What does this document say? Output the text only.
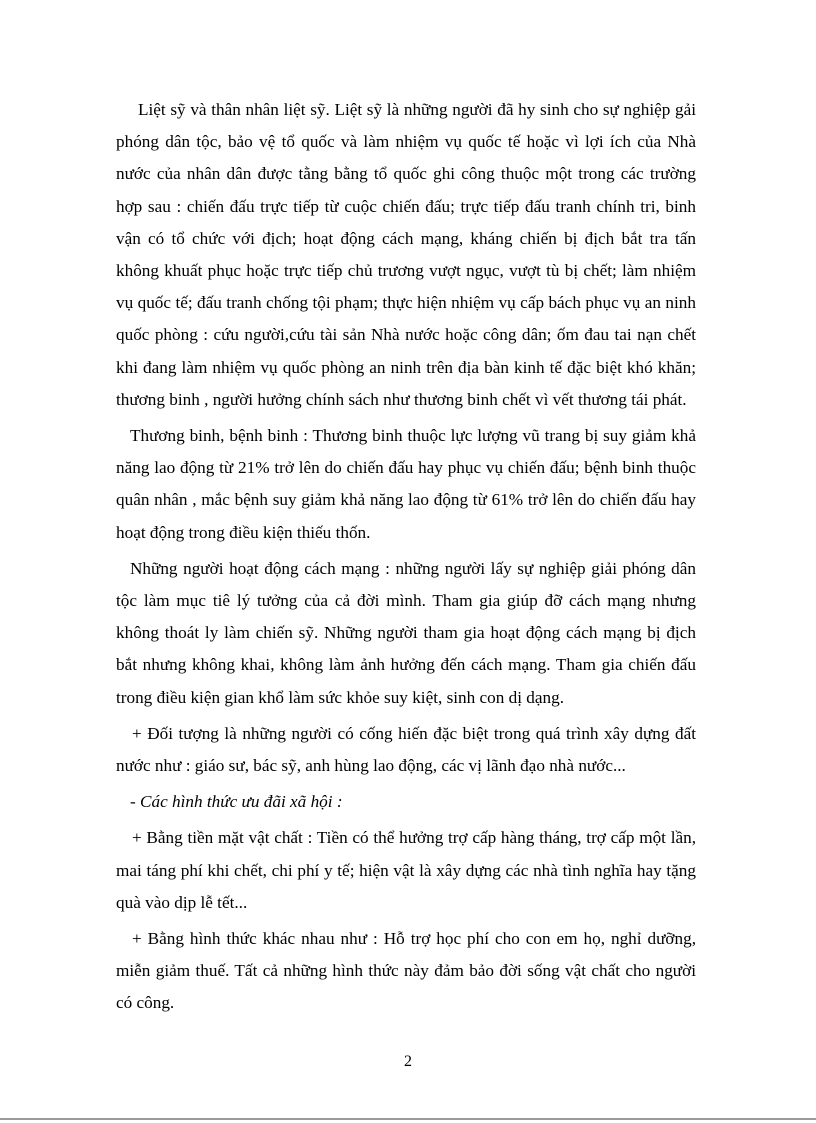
Liệt sỹ và thân nhân liệt sỹ. Liệt sỹ là những người đã hy sinh cho sự nghiệp gải phóng dân tộc, bảo vệ tổ quốc và làm nhiệm vụ quốc tế hoặc vì lợi ích của Nhà nước của nhân dân được tằng bằng tổ quốc ghi công thuộc một trong các trường hợp sau : chiến đấu trực tiếp từ cuộc chiến đấu; trực tiếp đấu tranh chính tri, binh vận có tổ chức với địch; hoạt động cách mạng, kháng chiến bị địch bắt tra tấn không khuất phục hoặc trực tiếp chủ trương vượt ngục, vượt tù bị chết; làm nhiệm vụ quốc tế; đấu tranh chống tội phạm; thực hiện nhiệm vụ cấp bách phục vụ an ninh quốc phòng : cứu người,cứu tài sản Nhà nước hoặc công dân; ốm đau tai nạn chết khi đang làm nhiệm vụ quốc phòng an ninh trên địa bàn kinh tế đặc biệt khó khăn; thương binh , người hưởng chính sách như thương binh chết vì vết thương tái phát.

Thương binh, bệnh binh : Thương binh thuộc lực lượng vũ trang bị suy giảm khả năng lao động từ 21% trở lên do chiến đấu hay phục vụ chiến đấu; bệnh binh thuộc quân nhân , mắc bệnh suy giảm khả năng lao động từ 61% trở lên do chiến đấu hay hoạt động trong điều kiện thiếu thốn.

Những người hoạt động cách mạng : những người lấy sự nghiệp giải phóng dân tộc làm mục tiê lý tưởng của cả đời mình. Tham gia giúp đỡ cách mạng nhưng không thoát ly làm chiến sỹ. Những người tham gia hoạt động cách mạng bị địch bắt nhưng không khai, không làm ảnh hưởng đến cách mạng. Tham gia chiến đấu trong điều kiện gian khổ làm sức khỏe suy kiệt, sinh con dị dạng.

+ Đối tượng là những người có cống hiến đặc biệt trong quá trình xây dựng đất nước như : giáo sư, bác sỹ, anh hùng lao động, các vị lãnh đạo nhà nước...

- Các hình thức ưu đãi xã hội :

+ Bằng tiền mặt vật chất : Tiền có thể hưởng trợ cấp hàng tháng, trợ cấp một lần, mai táng phí khi chết, chi phí y tế; hiện vật là xây dựng các nhà tình nghĩa hay tặng quà vào dịp lễ tết...

+ Bằng hình thức khác nhau như : Hỗ trợ học phí cho con em họ, nghỉ dưỡng, miễn giảm thuế. Tất cả những hình thức này đảm bảo đời sống vật chất cho người có công.

2
